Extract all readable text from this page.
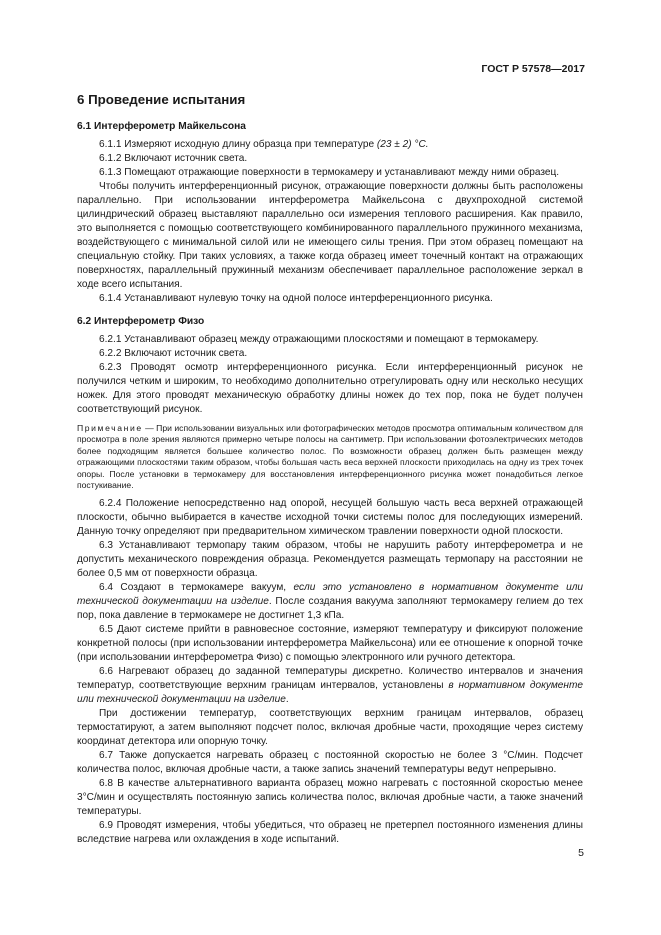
ГОСТ Р 57578—2017
6 Проведение испытания
6.1 Интерферометр Майкельсона

6.1.1 Измеряют исходную длину образца при температуре (23 ± 2) °C.

6.1.2 Включают источник света.

6.1.3 Помещают отражающие поверхности в термокамеру и устанавливают между ними образец.

Чтобы получить интерференционный рисунок, отражающие поверхности должны быть расположены параллельно. При использовании интерферометра Майкельсона с двухпроходной системой цилиндрический образец выставляют параллельно оси измерения теплового расширения. Как правило, это выполняется с помощью соответствующего комбинированного параллельного пружинного механизма, воздействующего с минимальной силой или не имеющего силы трения. При этом образец помещают на специальную стойку. При таких условиях, а также когда образец имеет точечный контакт на отражающих поверхностях, параллельный пружинный механизм обеспечивает параллельное расположение зеркал в ходе всего испытания.

6.1.4 Устанавливают нулевую точку на одной полосе интерференционного рисунка.

6.2 Интерферометр Физо

6.2.1 Устанавливают образец между отражающими плоскостями и помещают в термокамеру.

6.2.2 Включают источник света.

6.2.3 Проводят осмотр интерференционного рисунка. Если интерференционный рисунок не получился четким и широким, то необходимо дополнительно отрегулировать одну или несколько несущих ножек. Для этого проводят механическую обработку длины ножек до тех пор, пока не будет получен соответствующий рисунок.

Примечание — При использовании визуальных или фотографических методов просмотра оптимальным количеством для просмотра в поле зрения являются примерно четыре полосы на сантиметр. При использовании фотоэлектрических методов более подходящим является большее количество полос. По возможности образец должен быть размещен между отражающими плоскостями таким образом, чтобы большая часть веса верхней плоскости приходилась на одну из трех точек опоры. После установки в термокамеру для восстановления интерференционного рисунка может понадобиться легкое постукивание.

6.2.4 Положение непосредственно над опорой, несущей большую часть веса верхней отражающей плоскости, обычно выбирается в качестве исходной точки системы полос для последующих измерений. Данную точку определяют при предварительном химическом травлении поверхности одной плоскости.

6.3 Устанавливают термопару таким образом, чтобы не нарушить работу интерферометра и не допустить механического повреждения образца. Рекомендуется размещать термопару на расстоянии не более 0,5 мм от поверхности образца.

6.4 Создают в термокамере вакуум, если это установлено в нормативном документе или технической документации на изделие. После создания вакуума заполняют термокамеру гелием до тех пор, пока давление в термокамере не достигнет 1,3 кПа.

6.5 Дают системе прийти в равновесное состояние, измеряют температуру и фиксируют положение конкретной полосы (при использовании интерферометра Майкельсона) или ее отношение к опорной точке (при использовании интерферометра Физо) с помощью электронного или ручного детектора.

6.6 Нагревают образец до заданной температуры дискретно. Количество интервалов и значения температур, соответствующие верхним границам интервалов, установлены в нормативном документе или технической документации на изделие.

При достижении температур, соответствующих верхним границам интервалов, образец термостатируют, а затем выполняют подсчет полос, включая дробные части, проходящие через систему координат детектора или опорную точку.

6.7 Также допускается нагревать образец с постоянной скоростью не более 3 °С/мин. Подсчет количества полос, включая дробные части, а также запись значений температуры ведут непрерывно.

6.8 В качестве альтернативного варианта образец можно нагревать с постоянной скоростью менее 3°С/мин и осуществлять постоянную запись количества полос, включая дробные части, а также значений температуры.

6.9 Проводят измерения, чтобы убедиться, что образец не претерпел постоянного изменения длины вследствие нагрева или охлаждения в ходе испытаний.

5
